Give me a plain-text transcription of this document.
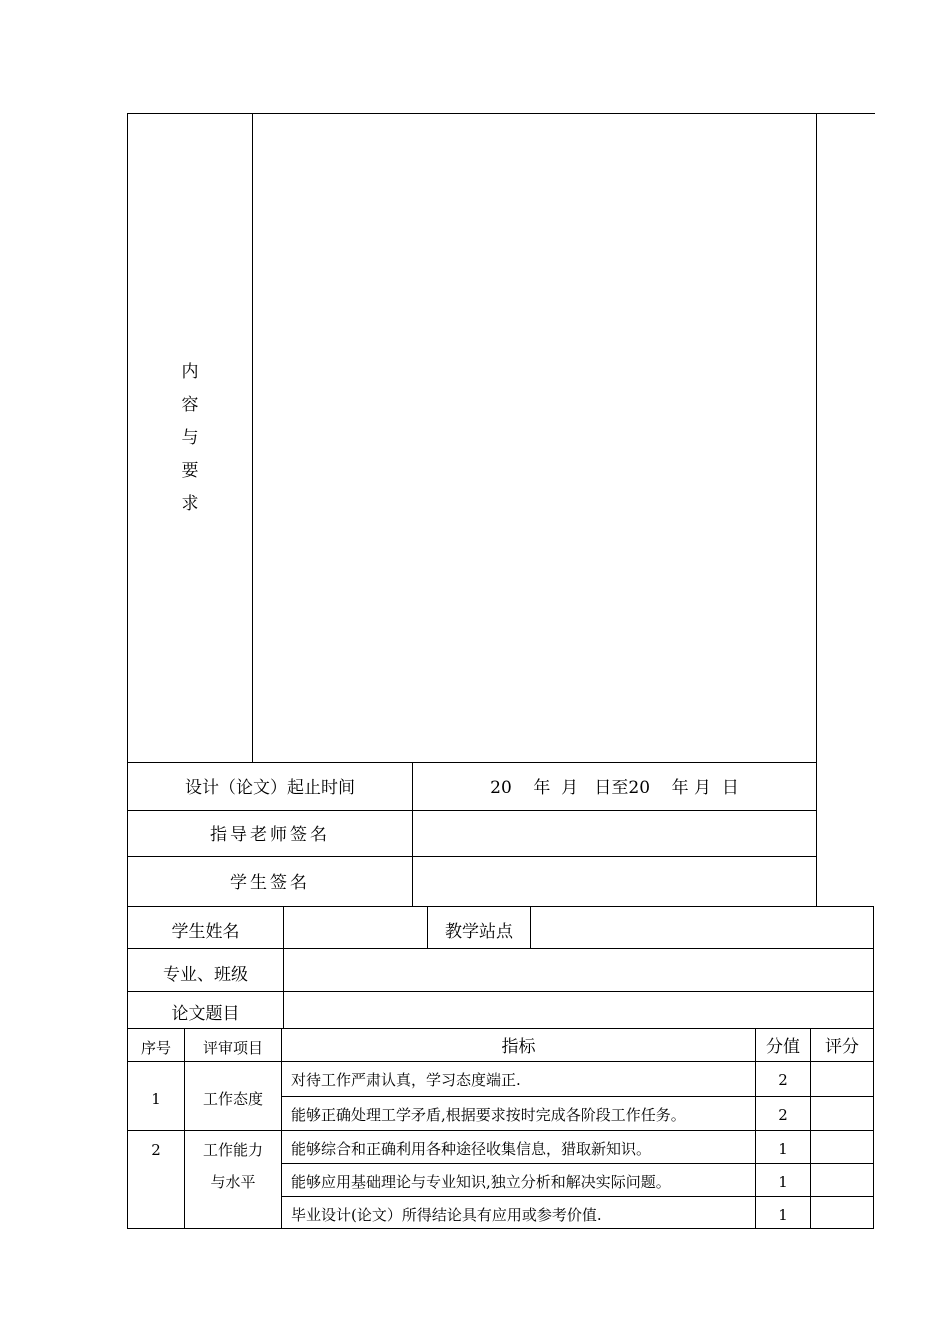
内
容
与
要
求
设计（论文）起止时间	20    年  月   日至20    年 月  日
指导老师签名
学生签名
学生姓名	教学站点
专业、班级
论文题目
序号	评审项目	指标	分值	评分
1	工作态度
对待工作严肃认真，学习态度端正.	2
能够正确处理工学矛盾,根据要求按时完成各阶段工作任务。	2
2	工作能力
与水平
能够综合和正确利用各种途径收集信息，猎取新知识。	1
能够应用基础理论与专业知识,独立分析和解决实际问题。	1
毕业设计(论文）所得结论具有应用或参考价值.	1
